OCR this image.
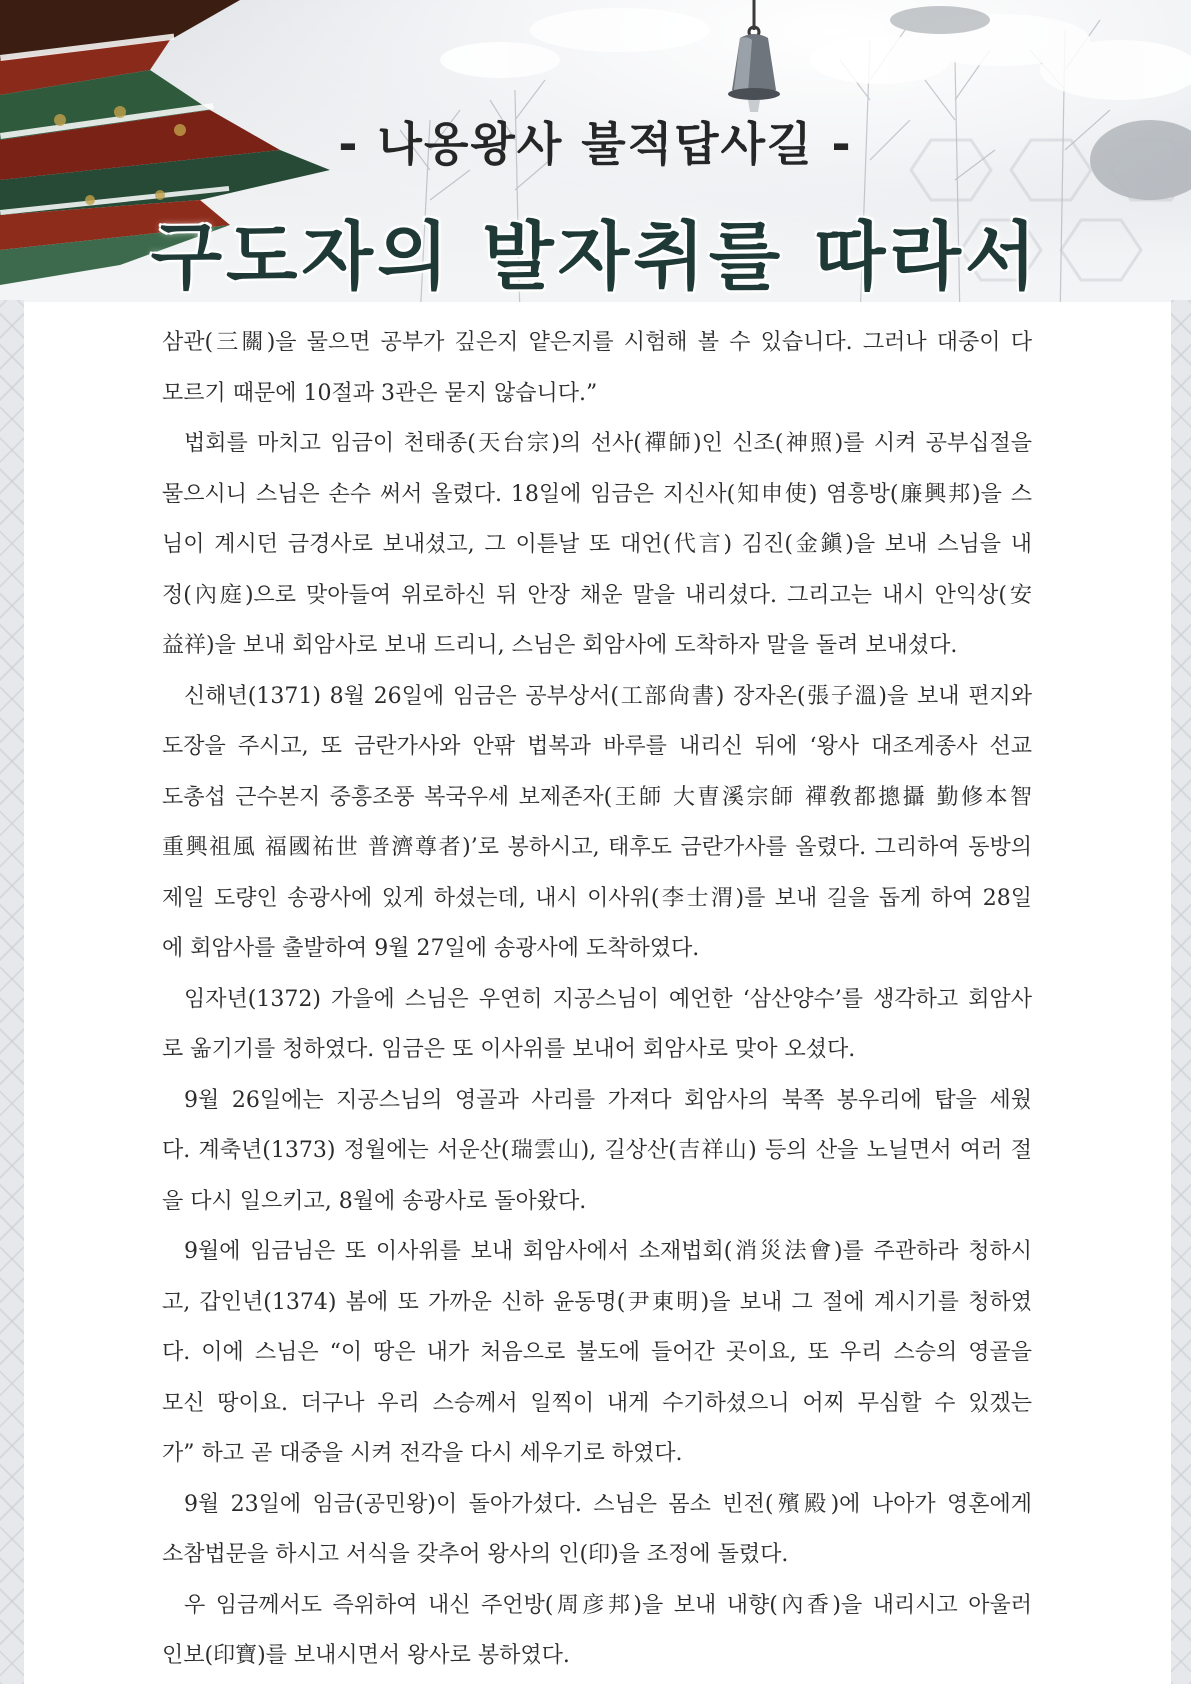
- 나옹왕사 불적답사길 -
구도자의 발자취를 따라서
삼관(三關)을 물으면 공부가 깊은지 얕은지를 시험해 볼 수 있습니다. 그러나 대중이 다
모르기 때문에 10절과 3관은 묻지 않습니다.”
법회를 마치고 임금이 천태종(天台宗)의 선사(禪師)인 신조(神照)를 시켜 공부십절을
물으시니 스님은 손수 써서 올렸다. 18일에 임금은 지신사(知申使) 염흥방(廉興邦)을 스
님이 계시던 금경사로 보내셨고, 그 이튿날 또 대언(代言) 김진(金鎭)을 보내 스님을 내
정(內庭)으로 맞아들여 위로하신 뒤 안장 채운 말을 내리셨다. 그리고는 내시 안익상(安
益祥)을 보내 회암사로 보내 드리니, 스님은 회암사에 도착하자 말을 돌려 보내셨다.
신해년(1371) 8월 26일에 임금은 공부상서(工部尙書) 장자온(張子溫)을 보내 편지와
도장을 주시고, 또 금란가사와 안팎 법복과 바루를 내리신 뒤에 ‘왕사 대조계종사 선교
도총섭 근수본지 중흥조풍 복국우세 보제존자(王師 大曺溪宗師 禪敎都摠攝 勤修本智
重興祖風 福國祐世 普濟尊者)’로 봉하시고, 태후도 금란가사를 올렸다. 그리하여 동방의
제일 도량인 송광사에 있게 하셨는데, 내시 이사위(李士渭)를 보내 길을 돕게 하여 28일
에 회암사를 출발하여 9월 27일에 송광사에 도착하였다.
임자년(1372) 가을에 스님은 우연히 지공스님이 예언한 ‘삼산양수’를 생각하고 회암사
로 옮기기를 청하였다. 임금은 또 이사위를 보내어 회암사로 맞아 오셨다.
9월 26일에는 지공스님의 영골과 사리를 가져다 회암사의 북쪽 봉우리에 탑을 세웠
다. 계축년(1373) 정월에는 서운산(瑞雲山), 길상산(吉祥山) 등의 산을 노닐면서 여러 절
을 다시 일으키고, 8월에 송광사로 돌아왔다.
9월에 임금님은 또 이사위를 보내 회암사에서 소재법회(消災法會)를 주관하라 청하시
고, 갑인년(1374) 봄에 또 가까운 신하 윤동명(尹東明)을 보내 그 절에 계시기를 청하였
다. 이에 스님은 “이 땅은 내가 처음으로 불도에 들어간 곳이요, 또 우리 스승의 영골을
모신 땅이요. 더구나 우리 스승께서 일찍이 내게 수기하셨으니 어찌 무심할 수 있겠는
가” 하고 곧 대중을 시켜 전각을 다시 세우기로 하였다.
9월 23일에 임금(공민왕)이 돌아가셨다. 스님은 몸소 빈전(殯殿)에 나아가 영혼에게
소참법문을 하시고 서식을 갖추어 왕사의 인(印)을 조정에 돌렸다.
우 임금께서도 즉위하여 내신 주언방(周彦邦)을 보내 내향(內香)을 내리시고 아울러
인보(印寶)를 보내시면서 왕사로 봉하였다.
